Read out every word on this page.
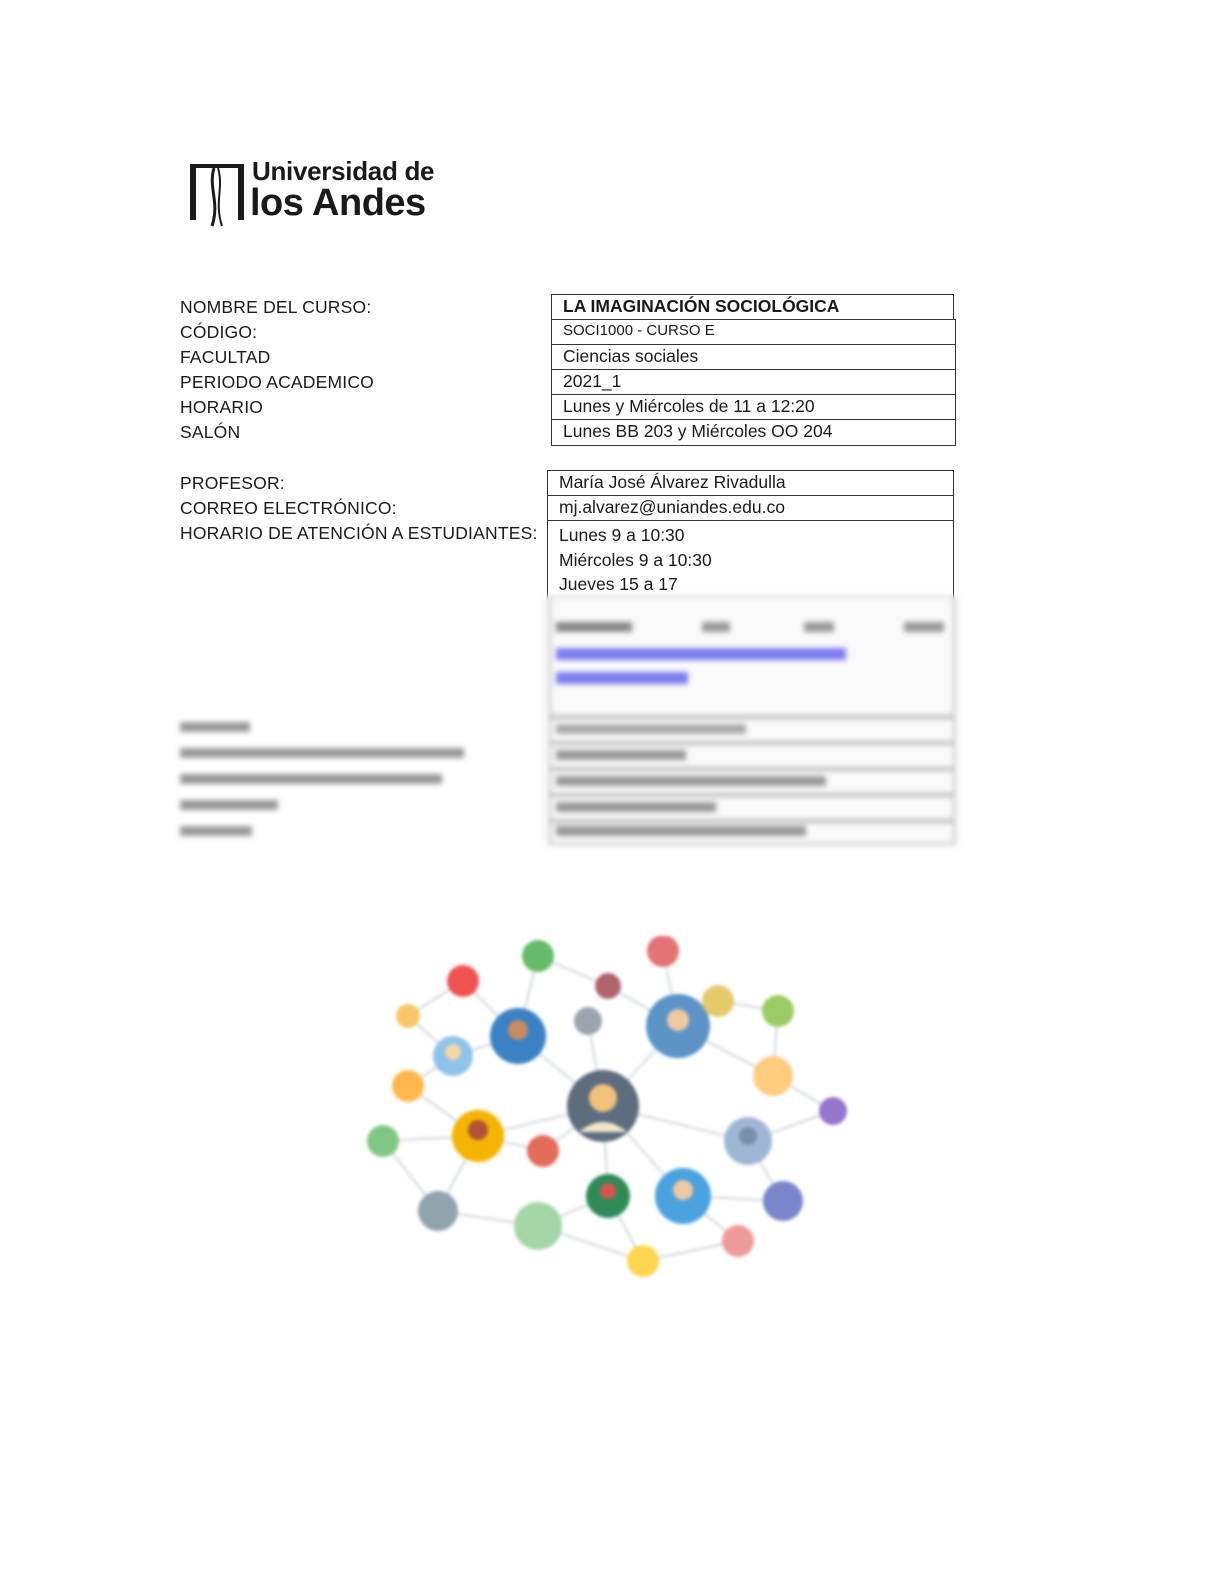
Universidad de
los Andes
NOMBRE DEL CURSO:
CÓDIGO:
FACULTAD
PERIODO ACADEMICO
HORARIO
SALÓN
LA IMAGINACIÓN SOCIOLÓGICA
SOCI1000 - CURSO E
Ciencias sociales
2021_1
Lunes y Miércoles de 11 a 12:20
Lunes BB 203 y Miércoles OO 204
PROFESOR:
CORREO ELECTRÓNICO:
HORARIO DE ATENCIÓN A ESTUDIANTES:
María José Álvarez Rivadulla
mj.alvarez@uniandes.edu.co
Lunes 9 a 10:30
Miércoles 9 a 10:30
Jueves 15 a 17
